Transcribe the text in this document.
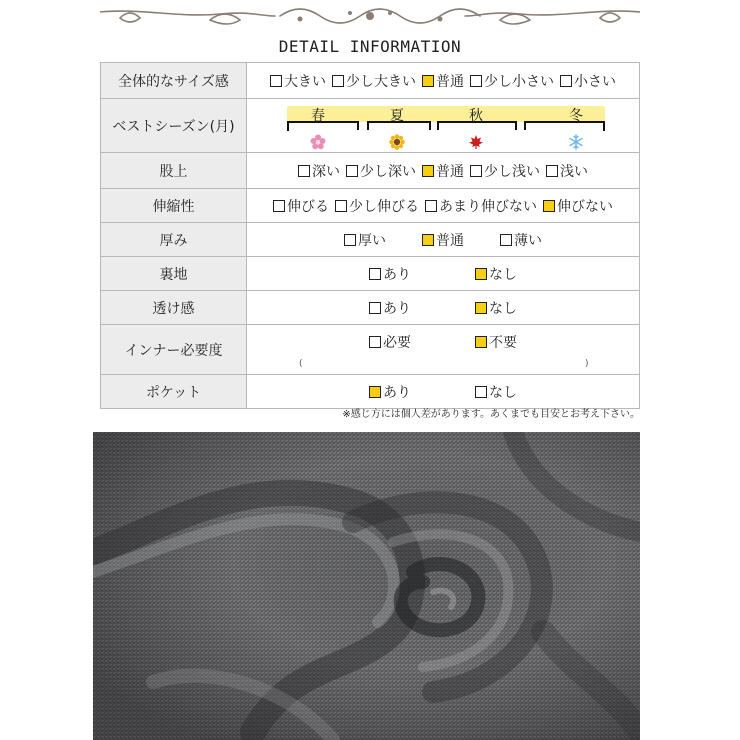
DETAIL INFORMATION
全体的なサイズ感	大きい 少し大きい 普通 少し小さい 小さい

ベストシーズン(月)	春 夏 秋 冬

股上	深い 少し深い 普通 少し浅い 浅い

伸縮性	伸びる 少し伸びる あまり伸びない 伸びない

厚み	厚い 普通 薄い

裏地	あり なし

透け感	あり なし

インナー必要度	必要 不要
( )

ポケット	あり なし
※感じ方には個人差があります。あくまでも目安とお考え下さい。
